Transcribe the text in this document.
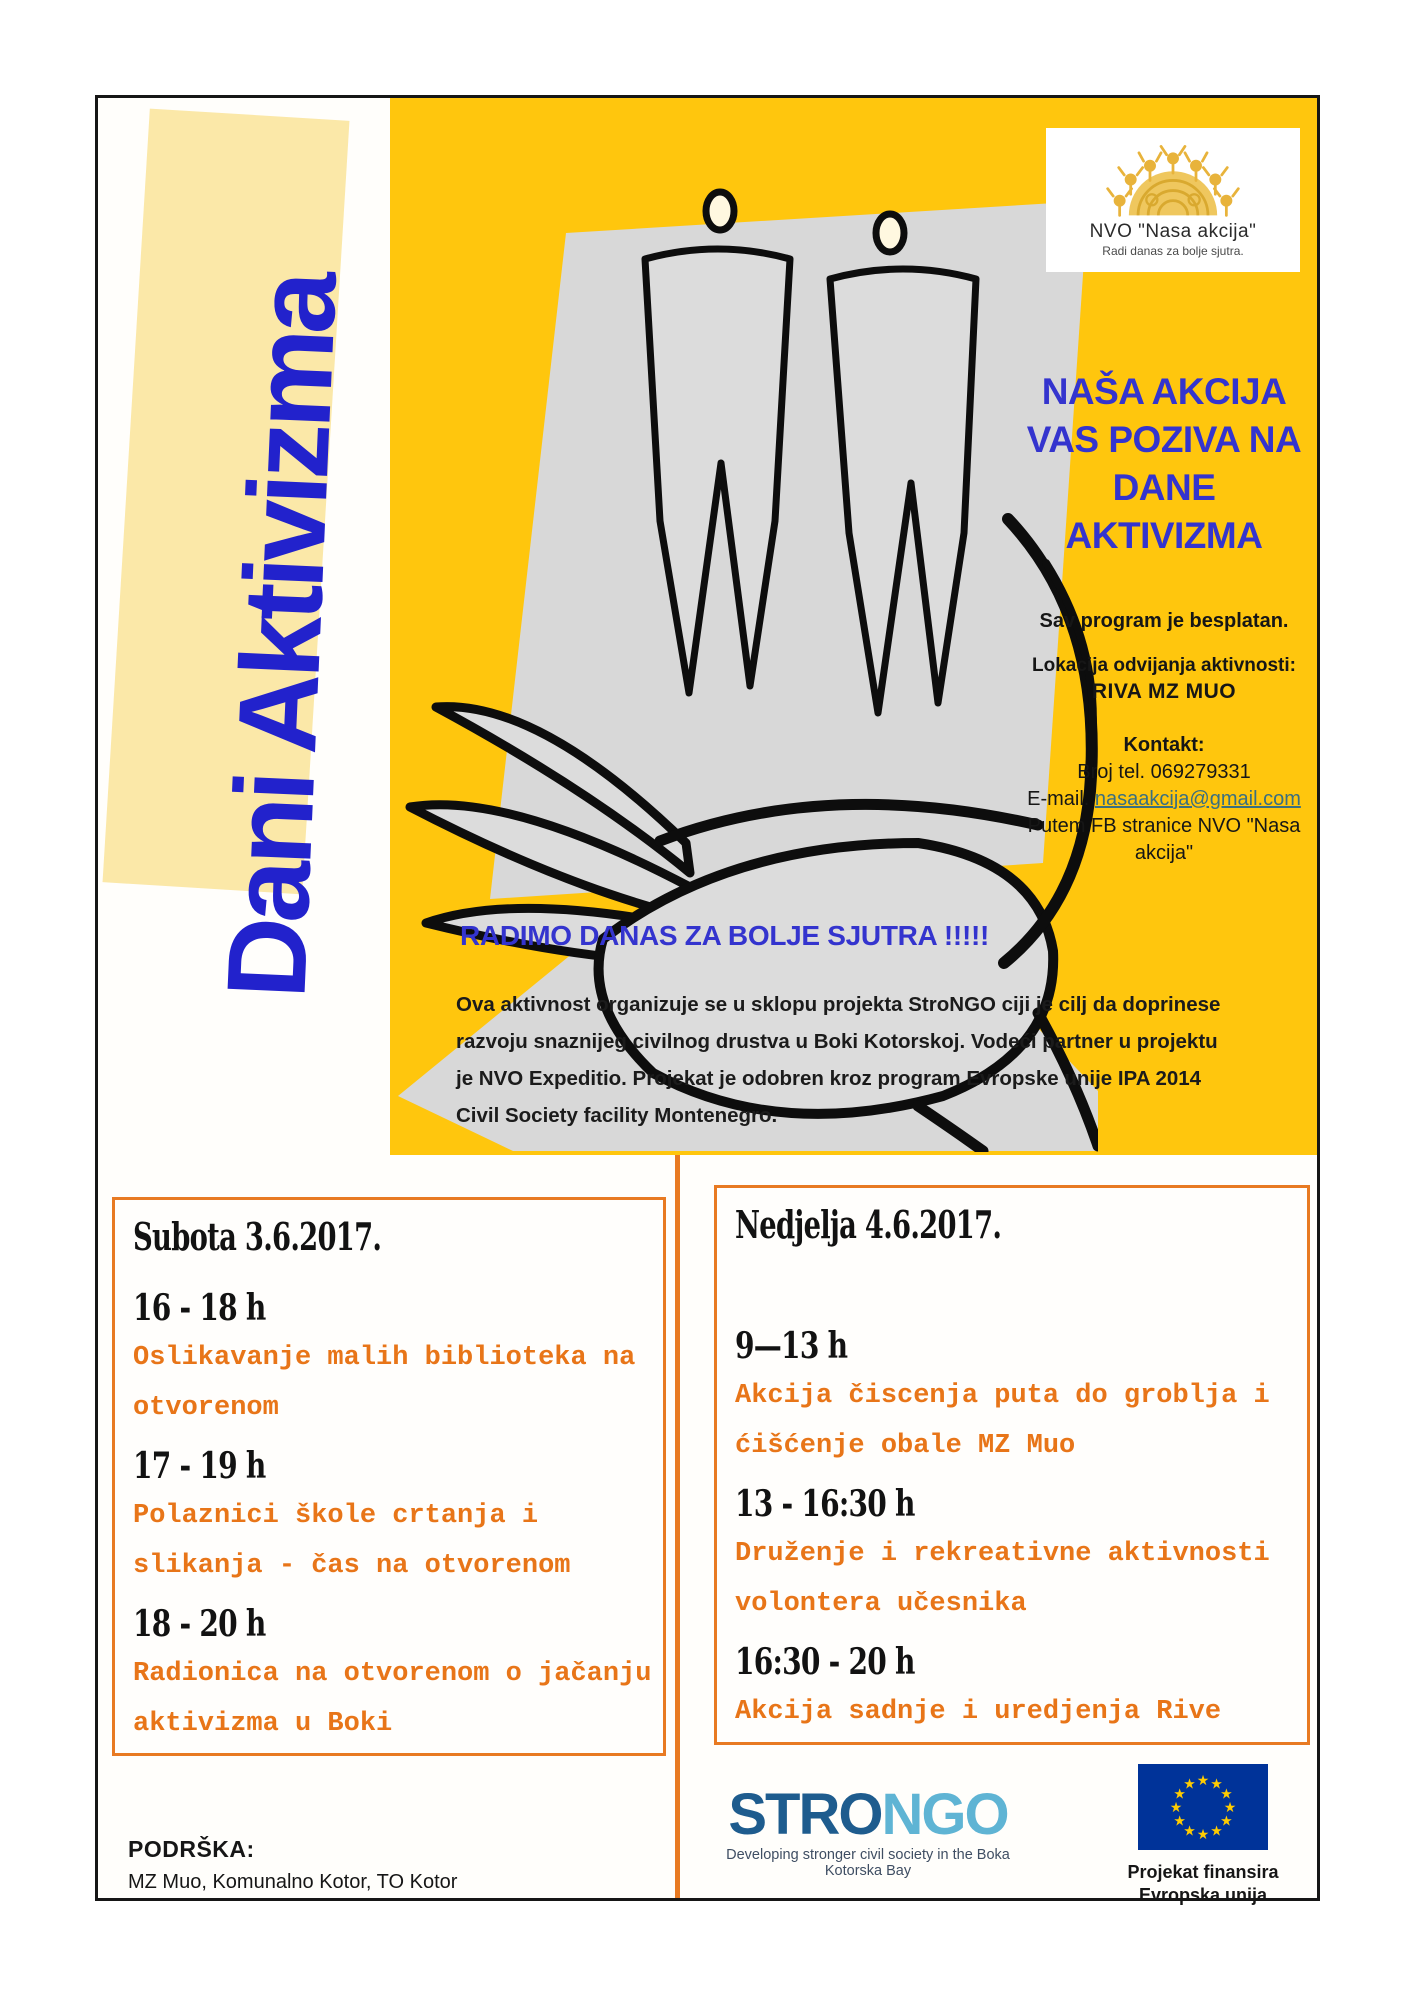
Dani Aktivizma
NVO "Nasa akcija"
Radi danas za bolje sjutra.
NAŠA AKCIJA
VAS POZIVA NA
DANE
AKTIVIZMA

Sav program je besplatan.

Lokacija odvijanja aktivnosti:

RIVA MZ MUO

Kontakt:

Broj tel. 069279331

E-mail. nasaakcija@gmail.com

Putem FB stranice NVO "Nasa

akcija"

RADIMO DANAS ZA BOLJE SJUTRA !!!!!
Ova aktivnost organizuje se u sklopu projekta StroNGO ciji je cilj da doprinese
razvoju snaznijeg civilnog drustva u Boki Kotorskoj. Vodeći partner u projektu
je NVO Expeditio. Projekat je odobren kroz program Evropske unije IPA 2014
Civil Society facility Montenegro.
Subota 3.6.2017.
16 - 18 h
Oslikavanje malih biblioteka na
otvorenom
17 - 19 h
Polaznici škole crtanja i
slikanja - čas na otvorenom
18 - 20 h
Radionica na otvorenom o jačanju
aktivizma u Boki
Nedjelja 4.6.2017.
9—13 h
Akcija čiscenja puta do groblja i
ćišćenje obale MZ Muo
13 - 16:30 h
Druženje i rekreativne aktivnosti
volontera učesnika
16:30 - 20 h
Akcija sadnje i uredjenja Rive
PODRŠKA:
MZ Muo, Komunalno Kotor, TO Kotor
STRONGO
Developing stronger civil society in the Boka Kotorska Bay
★ ★
★
★
★
★
★
★
★
★
★
★
Projekat finansira
Evropska unija
